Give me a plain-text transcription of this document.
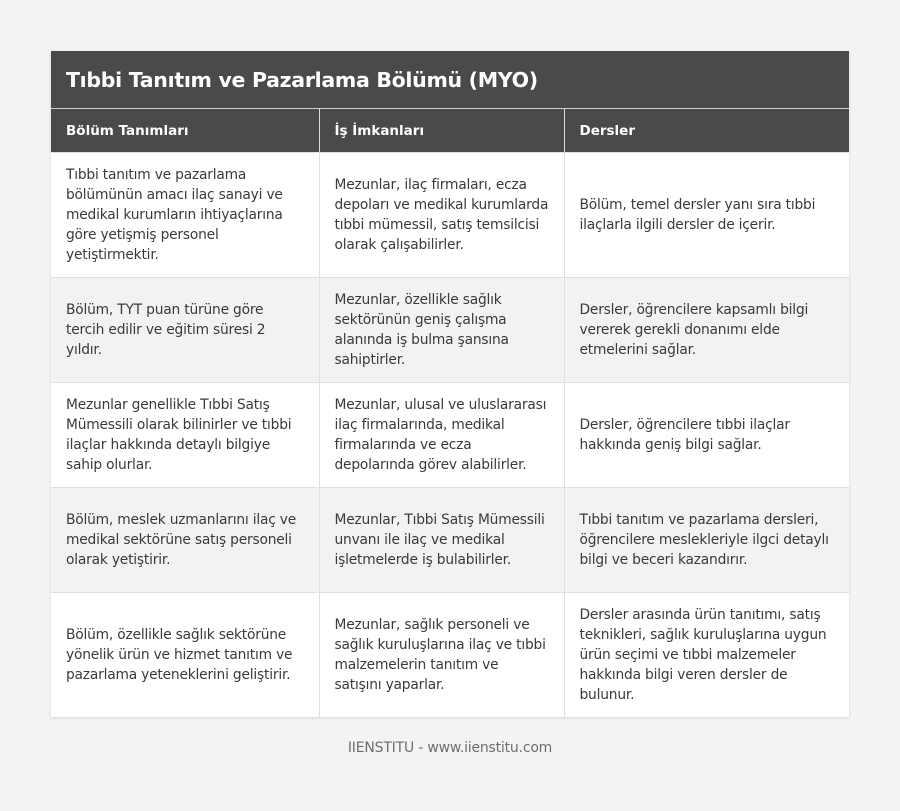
Tıbbi Tanıtım ve Pazarlama Bölümü (MYO)
Bölüm Tanımları	İş İmkanları	Dersler
Tıbbi tanıtım ve pazarlama bölümünün amacı ilaç sanayi ve medikal kurumların ihtiyaçlarına göre yetişmiş personel yetiştirmektir.	Mezunlar, ilaç firmaları, ecza depoları ve medikal kurumlarda tıbbi mümessil, satış temsilcisi olarak çalışabilirler.	Bölüm, temel dersler yanı sıra tıbbi ilaçlarla ilgili dersler de içerir.
Bölüm, TYT puan türüne göre tercih edilir ve eğitim süresi 2 yıldır.	Mezunlar, özellikle sağlık sektörünün geniş çalışma alanında iş bulma şansına sahiptirler.	Dersler, öğrencilere kapsamlı bilgi vererek gerekli donanımı elde etmelerini sağlar.
Mezunlar genellikle Tıbbi Satış Mümessili olarak bilinirler ve tıbbi ilaçlar hakkında detaylı bilgiye sahip olurlar.	Mezunlar, ulusal ve uluslararası ilaç firmalarında, medikal firmalarında ve ecza depolarında görev alabilirler.	Dersler, öğrencilere tıbbi ilaçlar hakkında geniş bilgi sağlar.
Bölüm, meslek uzmanlarını ilaç ve medikal sektörüne satış personeli olarak yetiştirir.	Mezunlar, Tıbbi Satış Mümessili unvanı ile ilaç ve medikal işletmelerde iş bulabilirler.	Tıbbi tanıtım ve pazarlama dersleri, öğrencilere meslekleriyle ilgci detaylı bilgi ve beceri kazandırır.
Bölüm, özellikle sağlık sektörüne yönelik ürün ve hizmet tanıtım ve pazarlama yeteneklerini geliştirir.	Mezunlar, sağlık personeli ve sağlık kuruluşlarına ilaç ve tıbbi malzemelerin tanıtım ve satışını yaparlar.	Dersler arasında ürün tanıtımı, satış teknikleri, sağlık kuruluşlarına uygun ürün seçimi ve tıbbi malzemeler hakkında bilgi veren dersler de bulunur.
IIENSTITU - www.iienstitu.com
